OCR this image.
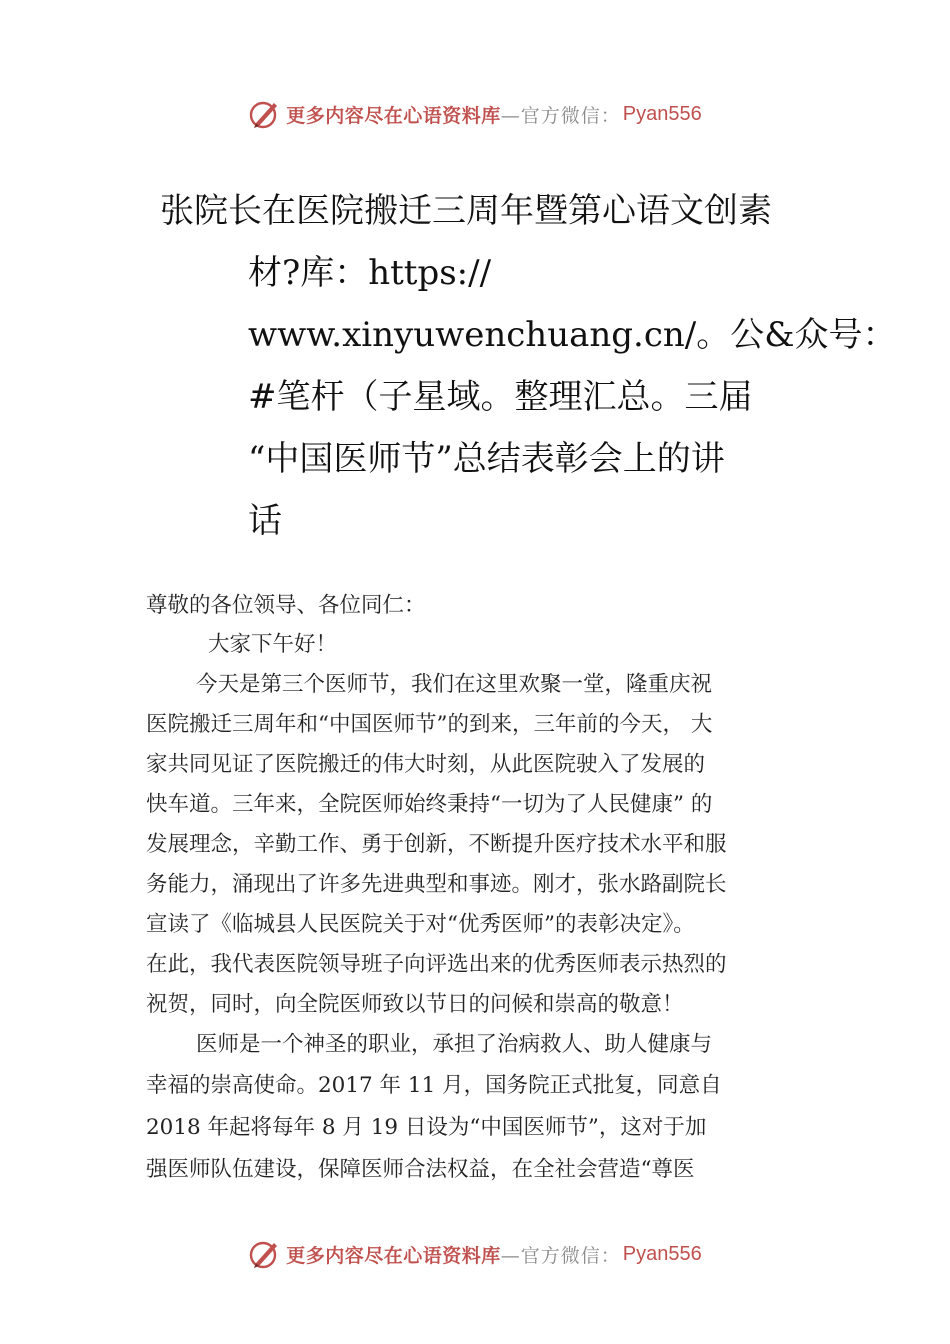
更多内容尽在心语资料库 —官方微信： Pyan556
张院长在医院搬迁三周年暨第心语文创素
材?库：https://
www.xinyuwenchuang.cn/。公&众号：
#笔杆（子星域。整理汇总。三届
“中国医师节”总结表彰会上的讲
话
尊敬的各位领导、各位同仁：
大家下午好！
今天是第三个医师节，我们在这里欢聚一堂，隆重庆祝
医院搬迁三周年和“中国医师节”的到来，三年前的今天， 大
家共同见证了医院搬迁的伟大时刻，从此医院驶入了发展的
快车道。三年来，全院医师始终秉持“一切为了人民健康” 的
发展理念，辛勤工作、勇于创新，不断提升医疗技术水平和服
务能力，涌现出了许多先进典型和事迹。刚才，张水路副院长
宣读了《临城县人民医院关于对“优秀医师”的表彰决定》。
在此，我代表医院领导班子向评选出来的优秀医师表示热烈的
祝贺，同时，向全院医师致以节日的问候和崇高的敬意！
医师是一个神圣的职业，承担了治病救人、助人健康与
幸福的崇高使命。2017 年 11 月，国务院正式批复，同意自
2018 年起将每年 8 月 19 日设为“中国医师节”，这对于加
强医师队伍建设，保障医师合法权益，在全社会营造“尊医
更多内容尽在心语资料库 —官方微信： Pyan556
